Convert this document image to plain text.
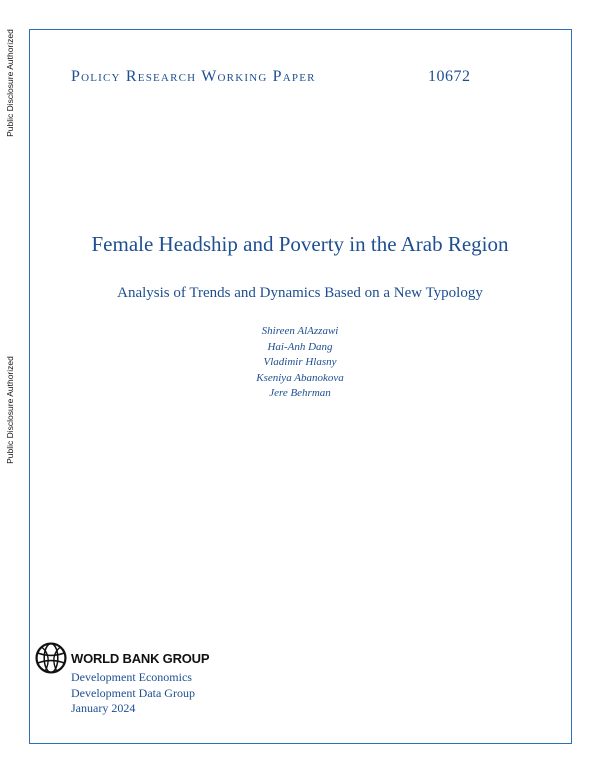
Public Disclosure Authorized
Public Disclosure Authorized
Policy Research Working Paper	10672
Female Headship and Poverty in the Arab Region
Analysis of Trends and Dynamics Based on a New Typology
Shireen AlAzzawi
Hai-Anh Dang
Vladimir Hlasny
Kseniya Abanokova
Jere Behrman
WORLD BANK GROUP
Development Economics
Development Data Group
January 2024
